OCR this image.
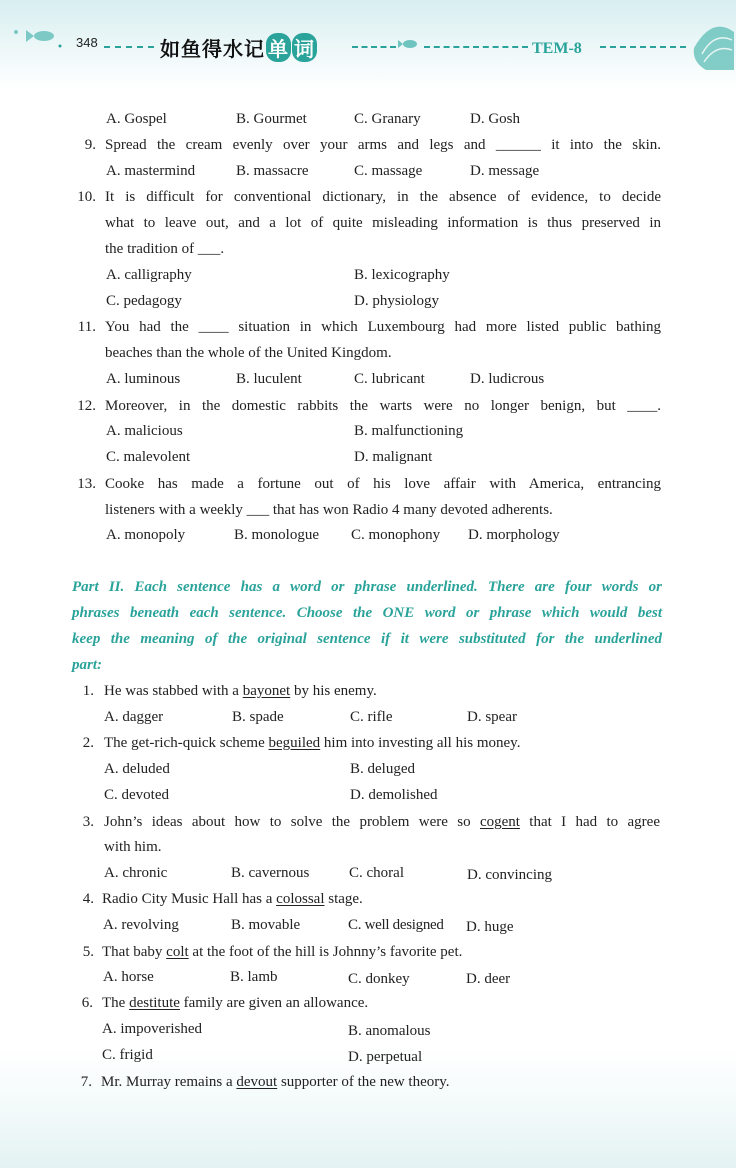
348	如鱼得水记 单 词	TEM-8
A. Gospel	B. Gourmet	C. Granary	D. Gosh
9. Spread the cream evenly over your arms and legs and ______ it into the skin.
A. mastermind	B. massacre	C. massage	D. message
10. It is difficult for conventional dictionary, in the absence of evidence, to decide
what to leave out, and a lot of quite misleading information is thus preserved in
the tradition of ___.
A. calligraphy	B. lexicography
C. pedagogy	D. physiology
11. You had the ____ situation in which Luxembourg had more listed public bathing
beaches than the whole of the United Kingdom.
A. luminous	B. luculent	C. lubricant	D. ludicrous
12. Moreover, in the domestic rabbits the warts were no longer benign, but ____.
A. malicious	B. malfunctioning
C. malevolent	D. malignant
13. Cooke has made a fortune out of his love affair with America, entrancing
listeners with a weekly ___ that has won Radio 4 many devoted adherents.
A. monopoly	B. monologue C. monophony D. morphology
Part II. Each sentence has a word or phrase underlined. There are four words or
phrases beneath each sentence. Choose the ONE word or phrase which would best
keep the meaning of the original sentence if it were substituted for the underlined
part:
1. He was stabbed with a bayonet by his enemy.
A. dagger	B. spade	C. rifle	D. spear
2. The get-rich-quick scheme beguiled him into investing all his money.
A. deluded	B. deluged
C. devoted	D. demolished
3. John’s ideas about how to solve the problem were so cogent that I had to agree
with him.
A. chronic	B. cavernous	C. choral	D. convincing
4. Radio City Music Hall has a colossal stage.
A. revolving	B. movable	C. well designed D. huge
5. That baby colt at the foot of the hill is Johnny’s favorite pet.
A. horse	B. lamb	C. donkey	D. deer
6. The destitute family are given an allowance.
A. impoverished	B. anomalous
C. frigid	D. perpetual
7. Mr. Murray remains a devout supporter of the new theory.
